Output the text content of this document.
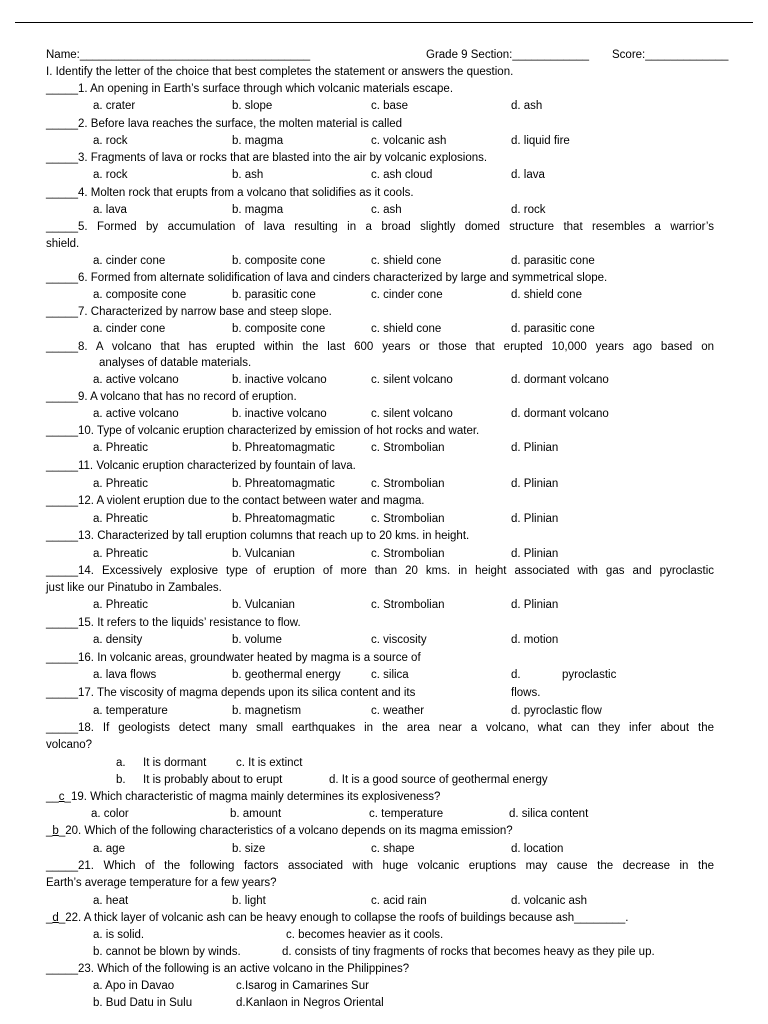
Name:____________________________________	Grade 9 Section:____________ Score:_____________
I. Identify the letter of the choice that best completes the statement or answers the question.
_____1. An opening in Earth’s surface through which volcanic materials escape.
a. crater	b. slope	c. base	d. ash
_____2. Before lava reaches the surface, the molten material is called
a. rock	b. magma	c. volcanic ash	d. liquid fire
_____3. Fragments of lava or rocks that are blasted into the air by volcanic explosions.
a. rock	b. ash	c. ash cloud	d. lava
_____4. Molten rock that erupts from a volcano that solidifies as it cools.
a. lava	b. magma	c. ash	d. rock
_____5. Formed by accumulation of lava resulting in a broad slightly domed structure that resembles a warrior’s
shield.
a. cinder cone	b. composite cone	c. shield cone	d. parasitic cone
_____6. Formed from alternate solidification of lava and cinders characterized by large and symmetrical slope.
a. composite cone	b. parasitic cone	c. cinder cone	d. shield cone
_____7. Characterized by narrow base and steep slope.
a. cinder cone	b. composite cone	c. shield cone	d. parasitic cone
_____8. A volcano that has erupted within the last 600 years or those that erupted 10,000 years ago based on
analyses of datable materials.
a. active volcano	b. inactive volcano	c. silent volcano	d. dormant volcano
_____9. A volcano that has no record of eruption.
a. active volcano	b. inactive volcano	c. silent volcano	d. dormant volcano
_____10. Type of volcanic eruption characterized by emission of hot rocks and water.
a. Phreatic	b. Phreatomagmatic	c. Strombolian	d. Plinian
_____11. Volcanic eruption characterized by fountain of lava.
a. Phreatic	b. Phreatomagmatic	c. Strombolian	d. Plinian
_____12. A violent eruption due to the contact between water and magma.
a. Phreatic	b. Phreatomagmatic	c. Strombolian	d. Plinian
_____13. Characterized by tall eruption columns that reach up to 20 kms. in height.
a. Phreatic	b. Vulcanian	c. Strombolian	d. Plinian
_____14. Excessively explosive type of eruption of more than 20 kms. in height associated with gas and pyroclastic
just like our Pinatubo in Zambales.
a. Phreatic	b. Vulcanian	c. Strombolian	d. Plinian
_____15. It refers to the liquids’ resistance to flow.
a. density	b. volume	c. viscosity	d. motion
_____16. In volcanic areas, groundwater heated by magma is a source of
a. lava flows	b. geothermal energy	c. silica	d.	pyroclastic
_____17. The viscosity of magma depends upon its silica content and its	flows.
a. temperature	b. magnetism	c. weather	d. pyroclastic flow
_____18. If geologists detect many small earthquakes in the area near a volcano, what can they infer about the
volcano?
a. It is dormant	c. It is extinct
b. It is probably about to erupt	d. It is a good source of geothermal energy
__c_19. Which characteristic of magma mainly determines its explosiveness?
a. color	b. amount	c. temperature	d. silica content
_b_20. Which of the following characteristics of a volcano depends on its magma emission?
a. age	b. size	c. shape	d. location
_____21. Which of the following factors associated with huge volcanic eruptions may cause the decrease in the
Earth’s average temperature for a few years?
a. heat	b. light	c. acid rain	d. volcanic ash
_d_22. A thick layer of volcanic ash can be heavy enough to collapse the roofs of buildings because ash________.
a. is solid.	c. becomes heavier as it cools.
b. cannot be blown by winds.	d. consists of tiny fragments of rocks that becomes heavy as they pile up.
_____23. Which of the following is an active volcano in the Philippines?
a. Apo in Davao	c.Isarog in Camarines Sur
b. Bud Datu in Sulu	d.Kanlaon in Negros Oriental
